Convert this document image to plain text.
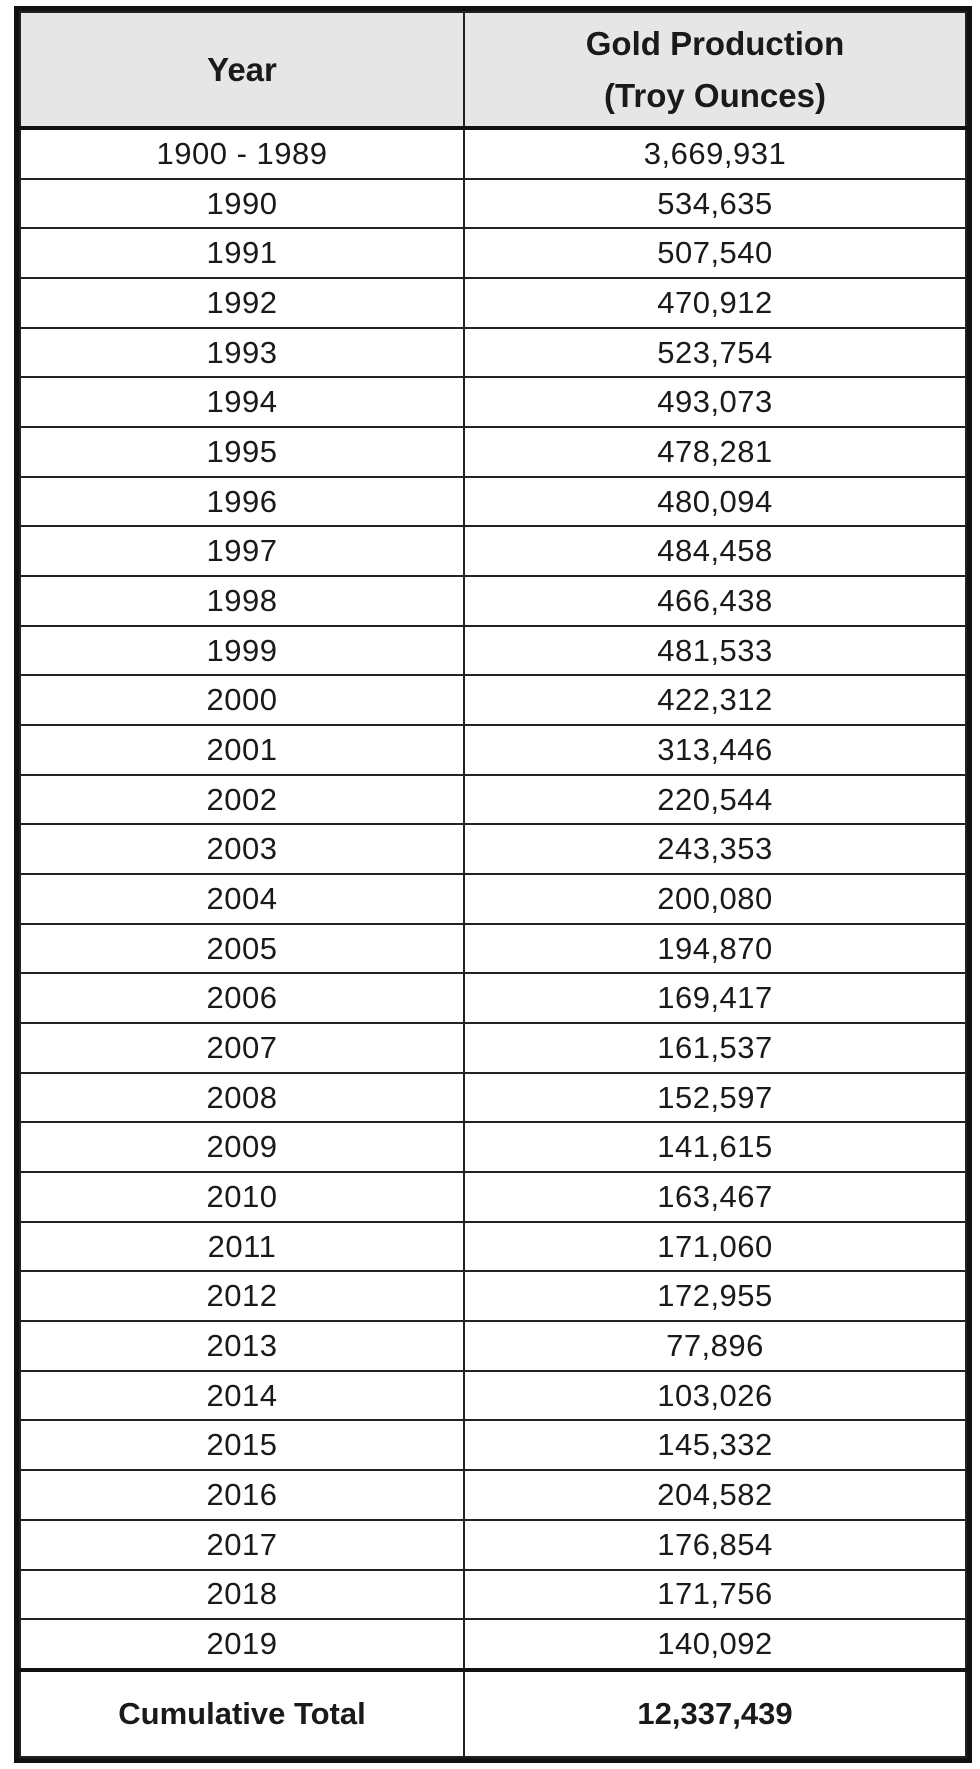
Year	Gold Production
(Troy Ounces)

1900 - 1989	3,669,931
1990	534,635
1991	507,540
1992	470,912
1993	523,754
1994	493,073
1995	478,281
1996	480,094
1997	484,458
1998	466,438
1999	481,533
2000	422,312
2001	313,446
2002	220,544
2003	243,353
2004	200,080
2005	194,870
2006	169,417
2007	161,537
2008	152,597
2009	141,615
2010	163,467
2011	171,060
2012	172,955
2013	77,896
2014	103,026
2015	145,332
2016	204,582
2017	176,854
2018	171,756
2019	140,092
Cumulative Total	12,337,439
